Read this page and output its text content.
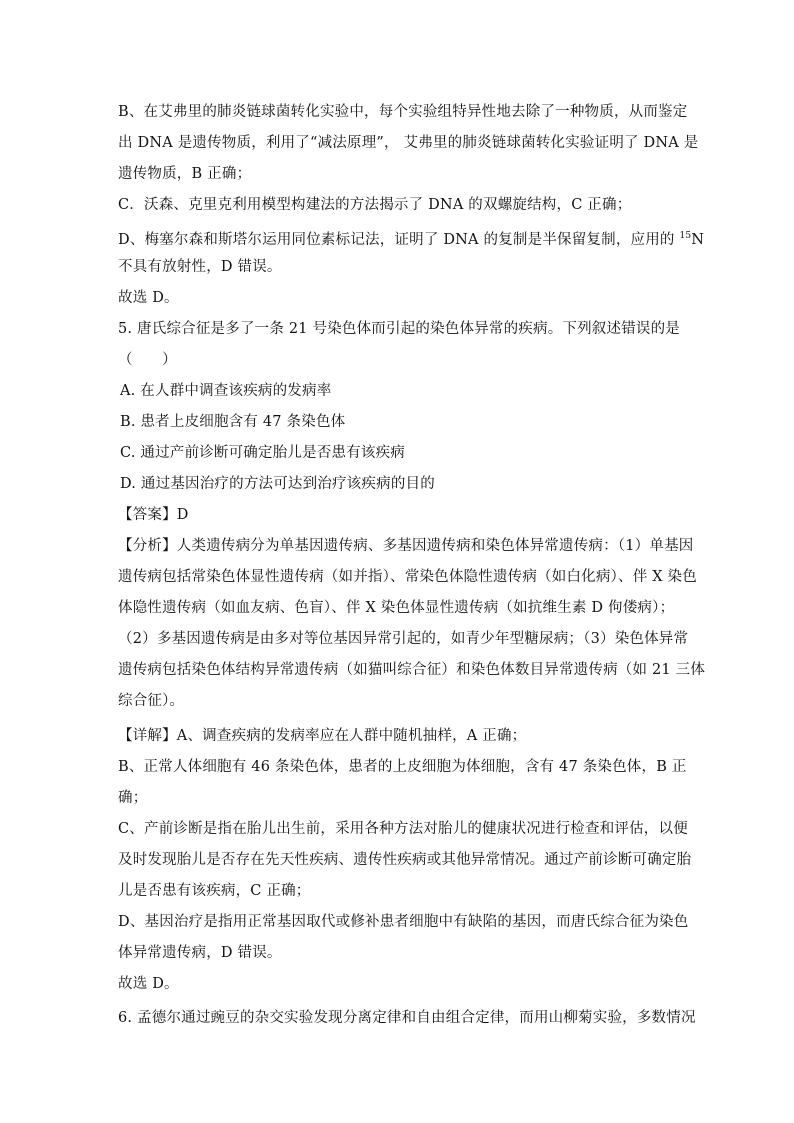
B、在艾弗里的肺炎链球菌转化实验中，每个实验组特异性地去除了一种物质，从而鉴定
出 DNA 是遗传物质，利用了“减法原理”， 艾弗里的肺炎链球菌转化实验证明了 DNA 是
遗传物质，B 正确；
C．沃森、克里克利用模型构建法的方法揭示了 DNA 的双螺旋结构，C 正确；
D、梅塞尔森和斯塔尔运用同位素标记法，证明了 DNA 的复制是半保留复制，应用的 $^{15}$N
不具有放射性，D 错误。
故选 D。
5. 唐氏综合征是多了一条 21 号染色体而引起的染色体异常的疾病。下列叙述错误的是
（　　）
A. 在人群中调查该疾病的发病率
B. 患者上皮细胞含有 47 条染色体
C. 通过产前诊断可确定胎儿是否患有该疾病
D. 通过基因治疗的方法可达到治疗该疾病的目的
【答案】D
【分析】人类遗传病分为单基因遗传病、多基因遗传病和染色体异常遗传病：（1）单基因
遗传病包括常染色体显性遗传病（如并指）、常染色体隐性遗传病（如白化病）、伴 X 染色
体隐性遗传病（如血友病、色盲）、伴 X 染色体显性遗传病（如抗维生素 D 佝偻病）；
（2）多基因遗传病是由多对等位基因异常引起的，如青少年型糖尿病；（3）染色体异常
遗传病包括染色体结构异常遗传病（如猫叫综合征）和染色体数目异常遗传病（如 21 三体
综合征）。
【详解】A、调查疾病的发病率应在人群中随机抽样，A 正确；
B、正常人体细胞有 46 条染色体，患者的上皮细胞为体细胞，含有 47 条染色体，B 正
确；
C、产前诊断是指在胎儿出生前，采用各种方法对胎儿的健康状况进行检查和评估，以便
及时发现胎儿是否存在先天性疾病、遗传性疾病或其他异常情况。通过产前诊断可确定胎
儿是否患有该疾病，C 正确；
D、基因治疗是指用正常基因取代或修补患者细胞中有缺陷的基因，而唐氏综合征为染色
体异常遗传病，D 错误。
故选 D。
6. 孟德尔通过豌豆的杂交实验发现分离定律和自由组合定律，而用山柳菊实验，多数情况
